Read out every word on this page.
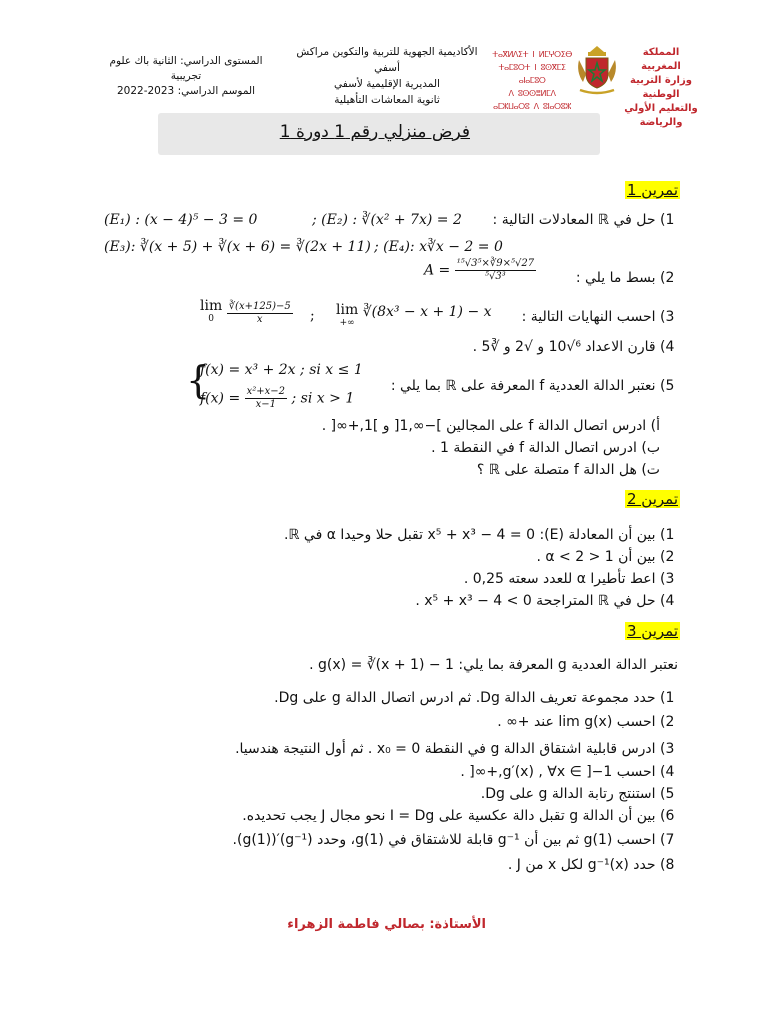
المستوى الدراسي: الثانية باك علوم تجريبية
الموسم الدراسي: 2023-2022
الأكاديمية الجهوية للتربية والتكوين مراكش أسفي
المديرية الإقليمية لأسفي
ثانوية المعاشات التأهيلية
ⵜⴰⴳⵍⴷⵉⵜ ⵏ ⵍⵎⵖⵔⵉⴱ
ⵜⴰⵎⵓⵔⵜ ⵏ ⵓⵙⴳⵎⵉ ⴰⵏⴰⵎⵓⵔ
ⴷ ⵓⵙⵙⴻⵍⵎⴷ ⴰⵎⵣⵡⴰⵔⵓ ⴷ ⵓⵏⴰⵔⵓⵣ
المملكة المغربية
وزارة التربية الوطنية
والتعليم الأولي والرياضة
فرض منزلي رقم 1 دورة 1
تمرين 1
1) حل في ℝ المعادلات التالية :
(E₁) : (x − 4)⁵ − 3 = 0	; (E₂) : ∛(x² + 7x) = 2
(E₃): ∛(x + 5) + ∛(x + 6) = ∛(2x + 11) ; (E₄): x∛x − 2 = 0
2) بسط ما يلي :
$A = \frac{\text{¹⁵√3⁵×∛9×⁵√27}}{\text{⁵√3³}}$
3) احسب النهايات التالية :
lim
+∞
∛(8x³ − x + 1) − x
;
lim
0
	$\frac{∛(x+125)-5}{x}$
4) قارن الاعداد ⁶√10 و √2 و ∛5 .
5) نعتبر الدالة العددية f المعرفة على ℝ بما يلي :
{
f(x) = x³ + 2x ; si x ≤ 1
$f(x) = \frac{\text{x²+x−2}}{x-1}$ ; si x > 1
أ) ادرس اتصال الدالة f على المجالين ]−∞,1[ و ]1,+∞[ .
ب) ادرس اتصال الدالة f في النقطة 1 .
ت) هل الدالة f متصلة على ℝ ؟
تمرين 2
1) بين أن المعادلة (E): x⁵ + x³ − 4 = 0 تقبل حلا وحيدا α في ℝ.
2) بين أن 1 < α < 2 .
3) اعط تأطيرا α للعدد سعته 0,25 .
4) حل في ℝ المتراجحة x⁵ + x³ − 4 < 0 .
تمرين 3
نعتبر الدالة العددية g المعرفة بما يلي: g(x) = ∛(x + 1) − 1 .
1) حدد مجموعة تعريف الدالة Dg. ثم ادرس اتصال الدالة g على Dg.
2) احسب lim g(x) عند +∞ .
3) ادرس قابلية اشتقاق الدالة g في النقطة x₀ = 0 . ثم أول النتيجة هندسيا.
4) احسب g′(x) , ∀x ∈ ]−1,+∞[ .
5) استنتج رتابة الدالة g على Dg.
6) بين أن الدالة g تقبل دالة عكسية على I = Dg نحو مجال J يجب تحديده.
7) احسب g(1) ثم بين أن g⁻¹ قابلة للاشتقاق في g(1)، وحدد (g⁻¹)′(g(1)).
8) حدد g⁻¹(x) لكل x من J .
الأستاذة: بصالي فاطمة الزهراء
